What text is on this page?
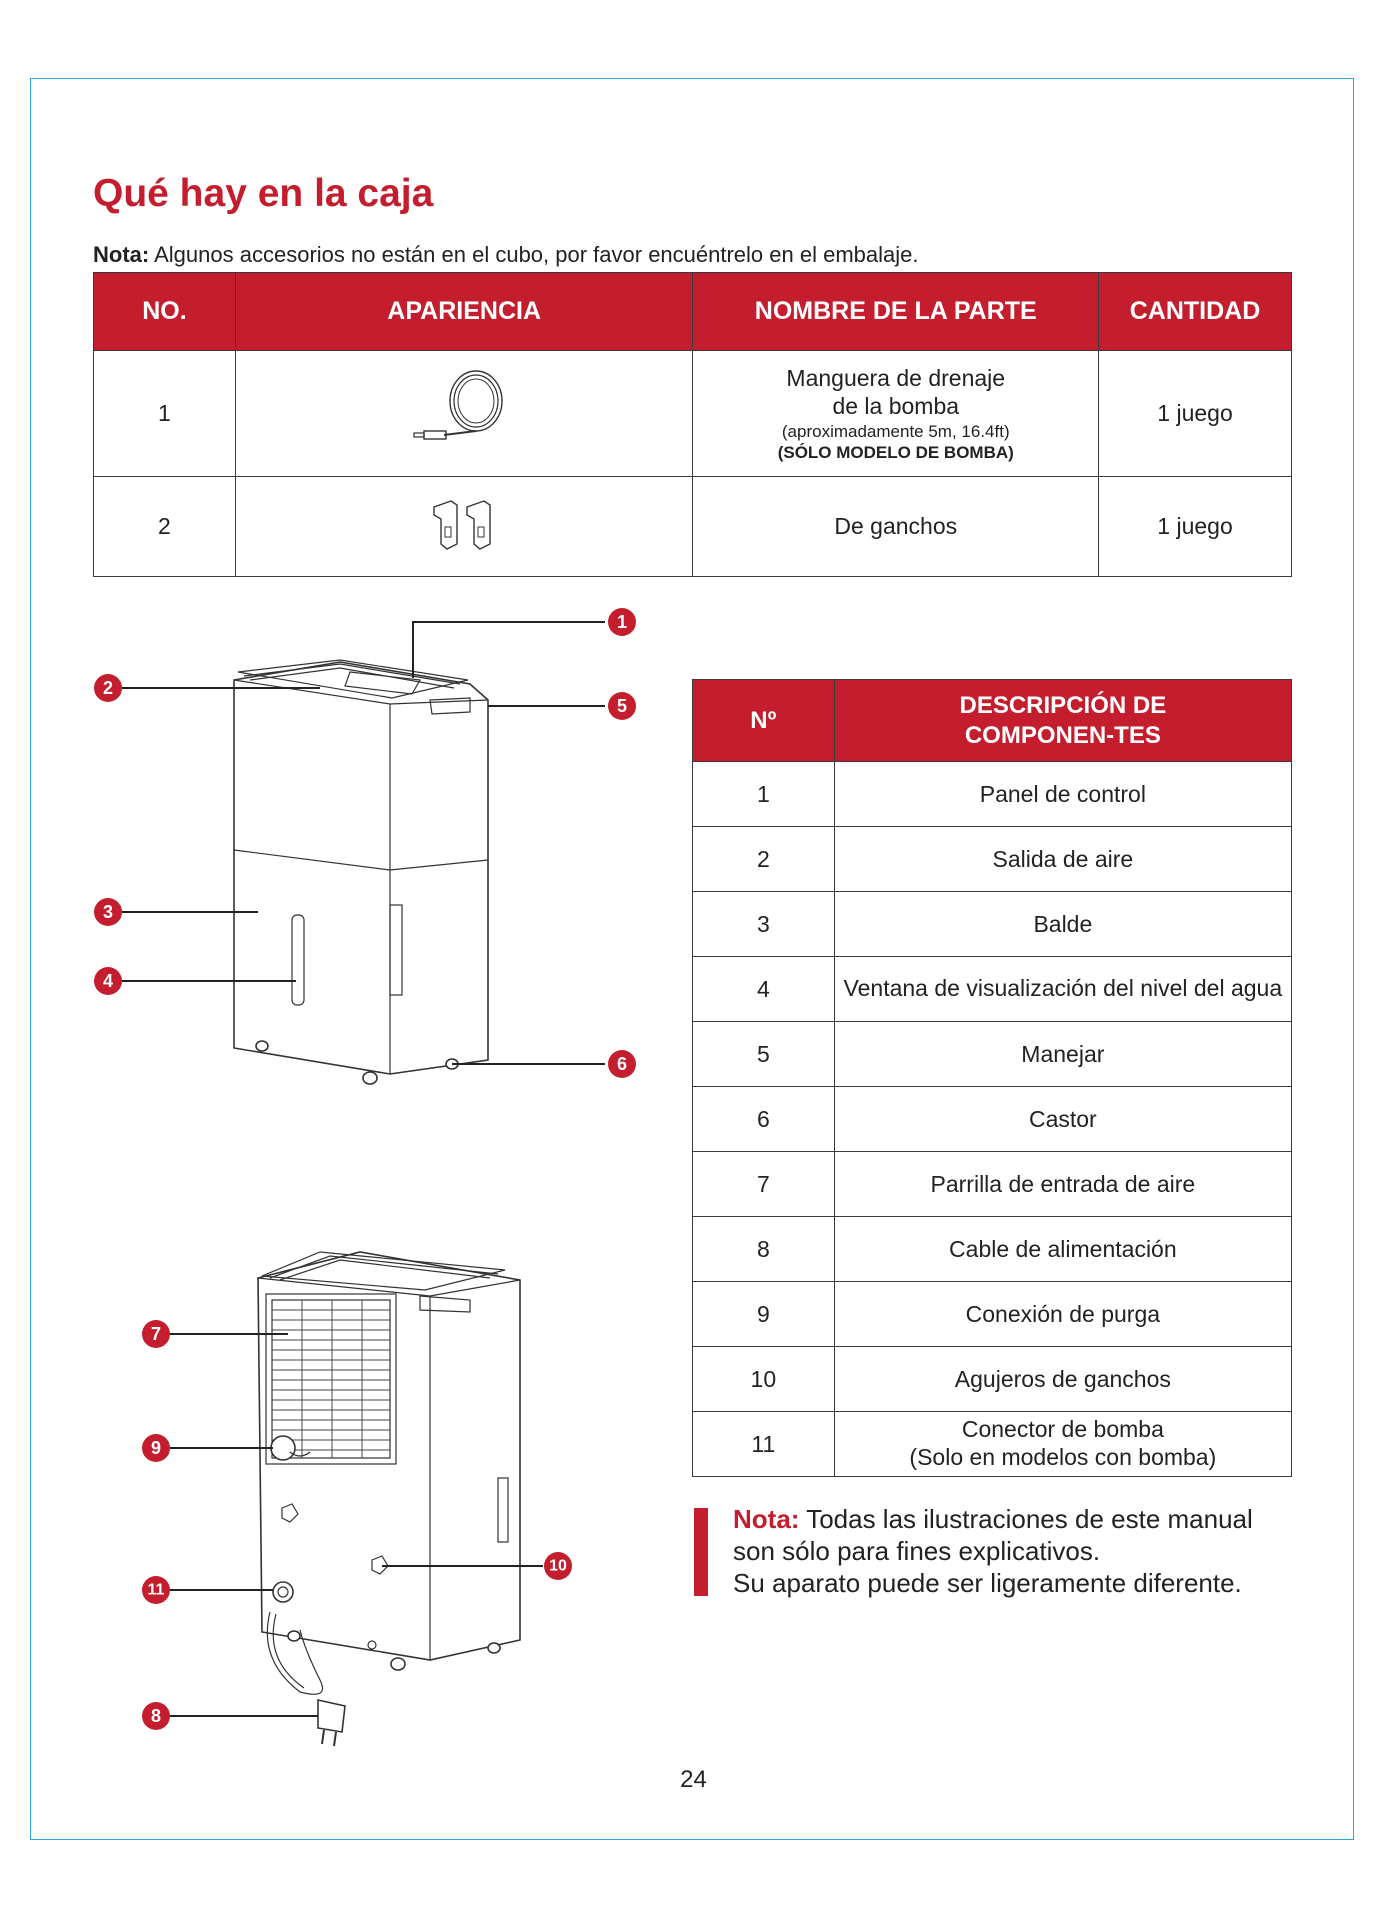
Qué hay en la caja
Nota: Algunos accesorios no están en el cubo, por favor encuéntrelo en el embalaje.
NO.	APARIENCIA	NOMBRE DE LA PARTE	CANTIDAD
1		Manguera de drenaje
de la bomba
(aproximadamente 5m, 16.4ft)
(SÓLO MODELO DE BOMBA)	1 juego
2		De ganchos	1 juego
1
2
3
4
5
6
7
9
10
11
8
Nº	DESCRIPCIÓN DE
COMPONEN-TES
1	Panel de control
2	Salida de aire
3	Balde
4	Ventana de visualización del nivel del agua
5	Manejar
6	Castor
7	Parrilla de entrada de aire
8	Cable de alimentación
9	Conexión de purga
10	Agujeros de ganchos
11	Conector de bomba
(Solo en modelos con bomba)
Nota: Todas las ilustraciones de este manual
son sólo para fines explicativos.
Su aparato puede ser ligeramente diferente.
24
